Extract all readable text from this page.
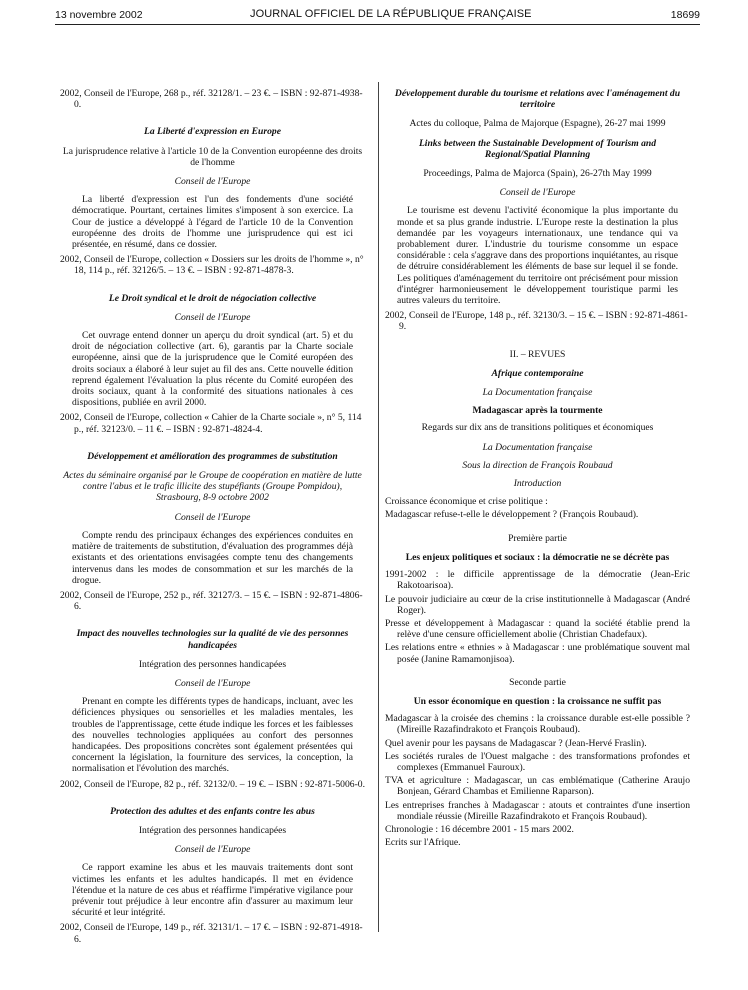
13 novembre 2002	JOURNAL OFFICIEL DE LA RÉPUBLIQUE FRANÇAISE	18699

2002, Conseil de l'Europe, 268 p., réf. 32128/1. – 23 €. – ISBN : 92-871-4938-0.

La Liberté d'expression en Europe

La jurisprudence relative à l'article 10 de la Convention européenne des droits de l'homme

Conseil de l'Europe

La liberté d'expression est l'un des fondements d'une société démocratique. Pourtant, certaines limites s'imposent à son exercice. La Cour de justice a développé à l'égard de l'article 10 de la Convention européenne des droits de l'homme une jurisprudence qui est ici présentée, en résumé, dans ce dossier.

2002, Conseil de l'Europe, collection « Dossiers sur les droits de l'homme », n° 18, 114 p., réf. 32126/5. – 13 €. – ISBN : 92-871-4878-3.

Le Droit syndical et le droit de négociation collective

Conseil de l'Europe

Cet ouvrage entend donner un aperçu du droit syndical (art. 5) et du droit de négociation collective (art. 6), garantis par la Charte sociale européenne, ainsi que de la jurisprudence que le Comité européen des droits sociaux a élaboré à leur sujet au fil des ans. Cette nouvelle édition reprend également l'évaluation la plus récente du Comité européen des droits sociaux, quant à la conformité des situations nationales à ces dispositions, publiée en avril 2000.

2002, Conseil de l'Europe, collection « Cahier de la Charte sociale », n° 5, 114 p., réf. 32123/0. – 11 €. – ISBN : 92-871-4824-4.

Développement et amélioration des programmes de substitution

Actes du séminaire organisé par le Groupe de coopération en matière de lutte contre l'abus et le trafic illicite des stupéfiants (Groupe Pompidou), Strasbourg, 8-9 octobre 2002

Conseil de l'Europe

Compte rendu des principaux échanges des expériences conduites en matière de traitements de substitution, d'évaluation des programmes déjà existants et des orientations envisagées compte tenu des changements intervenus dans les modes de consommation et sur les marchés de la drogue.

2002, Conseil de l'Europe, 252 p., réf. 32127/3. – 15 €. – ISBN : 92-871-4806-6.

Impact des nouvelles technologies sur la qualité de vie des personnes handicapées

Intégration des personnes handicapées

Conseil de l'Europe

Prenant en compte les différents types de handicaps, incluant, avec les déficiences physiques ou sensorielles et les maladies mentales, les troubles de l'apprentissage, cette étude indique les forces et les faiblesses des nouvelles technologies appliquées au confort des personnes handicapées. Des propositions concrètes sont également présentées qui concernent la législation, la fourniture des services, la conception, la normalisation et l'évolution des marchés.

2002, Conseil de l'Europe, 82 p., réf. 32132/0. – 19 €. – ISBN : 92-871-5006-0.

Protection des adultes et des enfants contre les abus

Intégration des personnes handicapées

Conseil de l'Europe

Ce rapport examine les abus et les mauvais traitements dont sont victimes les enfants et les adultes handicapés. Il met en évidence l'étendue et la nature de ces abus et réaffirme l'impérative vigilance pour prévenir tout préjudice à leur encontre afin d'assurer au maximum leur sécurité et leur intégrité.

2002, Conseil de l'Europe, 149 p., réf. 32131/1. – 17 €. – ISBN : 92-871-4918-6.

Développement durable du tourisme et relations avec l'aménagement du territoire

Actes du colloque, Palma de Majorque (Espagne), 26-27 mai 1999

Links between the Sustainable Development of Tourism and Regional/Spatial Planning

Proceedings, Palma de Majorca (Spain), 26-27th May 1999

Conseil de l'Europe

Le tourisme est devenu l'activité économique la plus importante du monde et sa plus grande industrie. L'Europe reste la destination la plus demandée par les voyageurs internationaux, une tendance qui va probablement durer. L'industrie du tourisme consomme un espace considérable : cela s'aggrave dans des proportions inquiétantes, au risque de détruire considérablement les éléments de base sur lequel il se fonde. Les politiques d'aménagement du territoire ont précisément pour mission d'intégrer harmonieusement le développement touristique parmi les autres valeurs du territoire.

2002, Conseil de l'Europe, 148 p., réf. 32130/3. – 15 €. – ISBN : 92-871-4861-9.

II. – REVUES

Afrique contemporaine

La Documentation française

Madagascar après la tourmente

Regards sur dix ans de transitions politiques et économiques

La Documentation française

Sous la direction de François Roubaud

Introduction

Croissance économique et crise politique :

Madagascar refuse-t-elle le développement ? (François Roubaud).

Première partie

Les enjeux politiques et sociaux : la démocratie ne se décrète pas

1991-2002 : le difficile apprentissage de la démocratie (Jean-Eric Rakotoarisoa).

Le pouvoir judiciaire au cœur de la crise institutionnelle à Madagascar (André Roger).

Presse et développement à Madagascar : quand la société établie prend la relève d'une censure officiellement abolie (Christian Chadefaux).

Les relations entre « ethnies » à Madagascar : une problématique souvent mal posée (Janine Ramamonjisoa).

Seconde partie

Un essor économique en question : la croissance ne suffit pas

Madagascar à la croisée des chemins : la croissance durable est-elle possible ? (Mireille Razafindrakoto et François Roubaud).

Quel avenir pour les paysans de Madagascar ? (Jean-Hervé Fraslin).

Les sociétés rurales de l'Ouest malgache : des transformations profondes et complexes (Emmanuel Fauroux).

TVA et agriculture : Madagascar, un cas emblématique (Catherine Araujo Bonjean, Gérard Chambas et Emilienne Raparson).

Les entreprises franches à Madagascar : atouts et contraintes d'une insertion mondiale réussie (Mireille Razafindrakoto et François Roubaud).

Chronologie : 16 décembre 2001 - 15 mars 2002.

Ecrits sur l'Afrique.
